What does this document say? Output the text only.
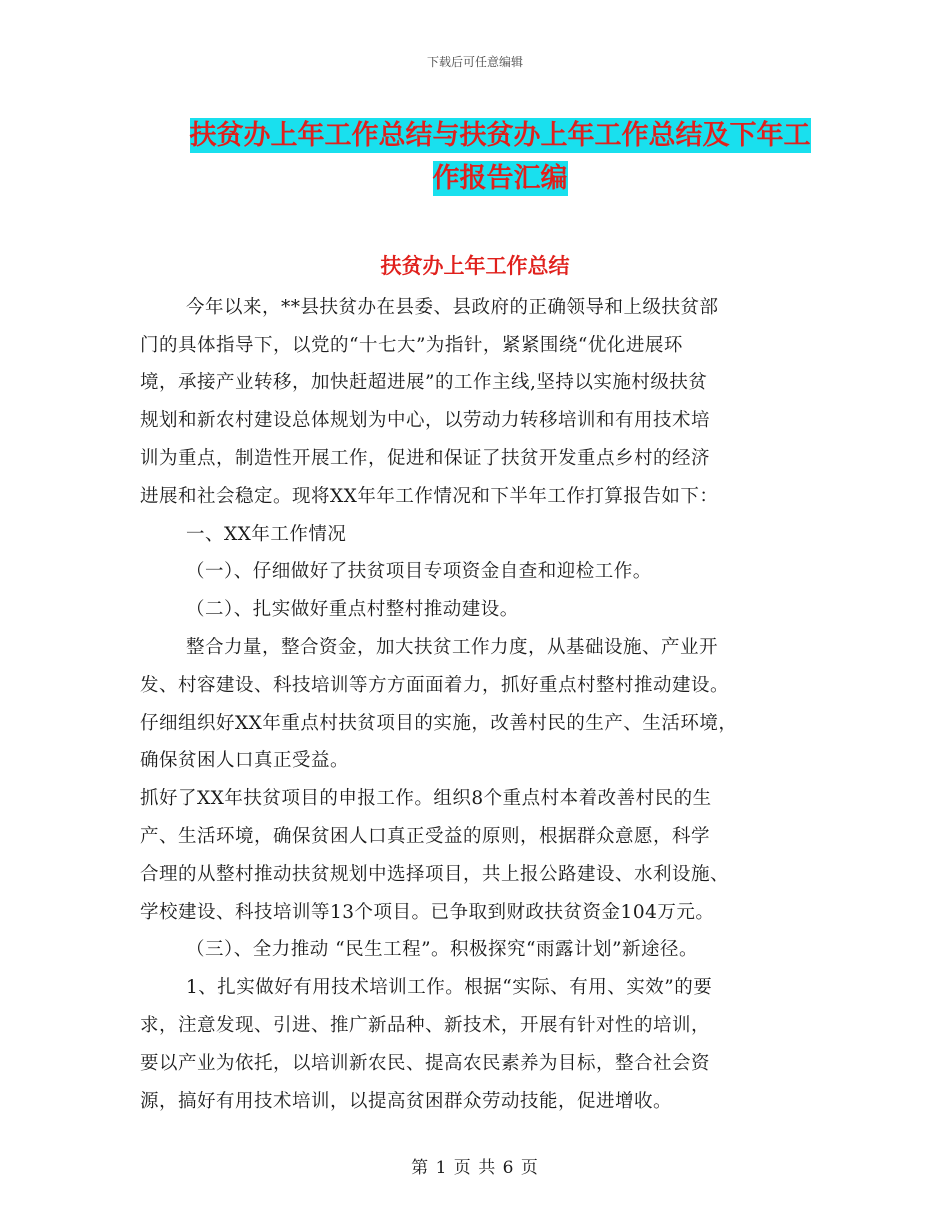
下载后可任意编辑
扶贫办上年工作总结与扶贫办上年工作总结及下年工
作报告汇编
扶贫办上年工作总结
今年以来，**县扶贫办在县委、县政府的正确领导和上级扶贫部
门的具体指导下，以党的“十七大”为指针，紧紧围绕“优化进展环
境，承接产业转移，加快赶超进展”的工作主线,坚持以实施村级扶贫
规划和新农村建设总体规划为中心，以劳动力转移培训和有用技术培
训为重点，制造性开展工作，促进和保证了扶贫开发重点乡村的经济
进展和社会稳定。现将XX年年工作情况和下半年工作打算报告如下：
一、XX年工作情况
（一）、仔细做好了扶贫项目专项资金自查和迎检工作。
（二）、扎实做好重点村整村推动建设。
整合力量，整合资金，加大扶贫工作力度，从基础设施、产业开
发、村容建设、科技培训等方方面面着力，抓好重点村整村推动建设。
仔细组织好XX年重点村扶贫项目的实施，改善村民的生产、生活环境，
确保贫困人口真正受益。
抓好了XX年扶贫项目的申报工作。组织8个重点村本着改善村民的生
产、生活环境，确保贫困人口真正受益的原则，根据群众意愿，科学
合理的从整村推动扶贫规划中选择项目，共上报公路建设、水利设施、
学校建设、科技培训等13个项目。已争取到财政扶贫资金104万元。
（三）、全力推动 “民生工程”。积极探究“雨露计划”新途径。
1、扎实做好有用技术培训工作。根据“实际、有用、实效”的要
求，注意发现、引进、推广新品种、新技术，开展有针对性的培训，
要以产业为依托，以培训新农民、提高农民素养为目标，整合社会资
源，搞好有用技术培训，以提高贫困群众劳动技能，促进增收。
第 1 页 共 6 页
